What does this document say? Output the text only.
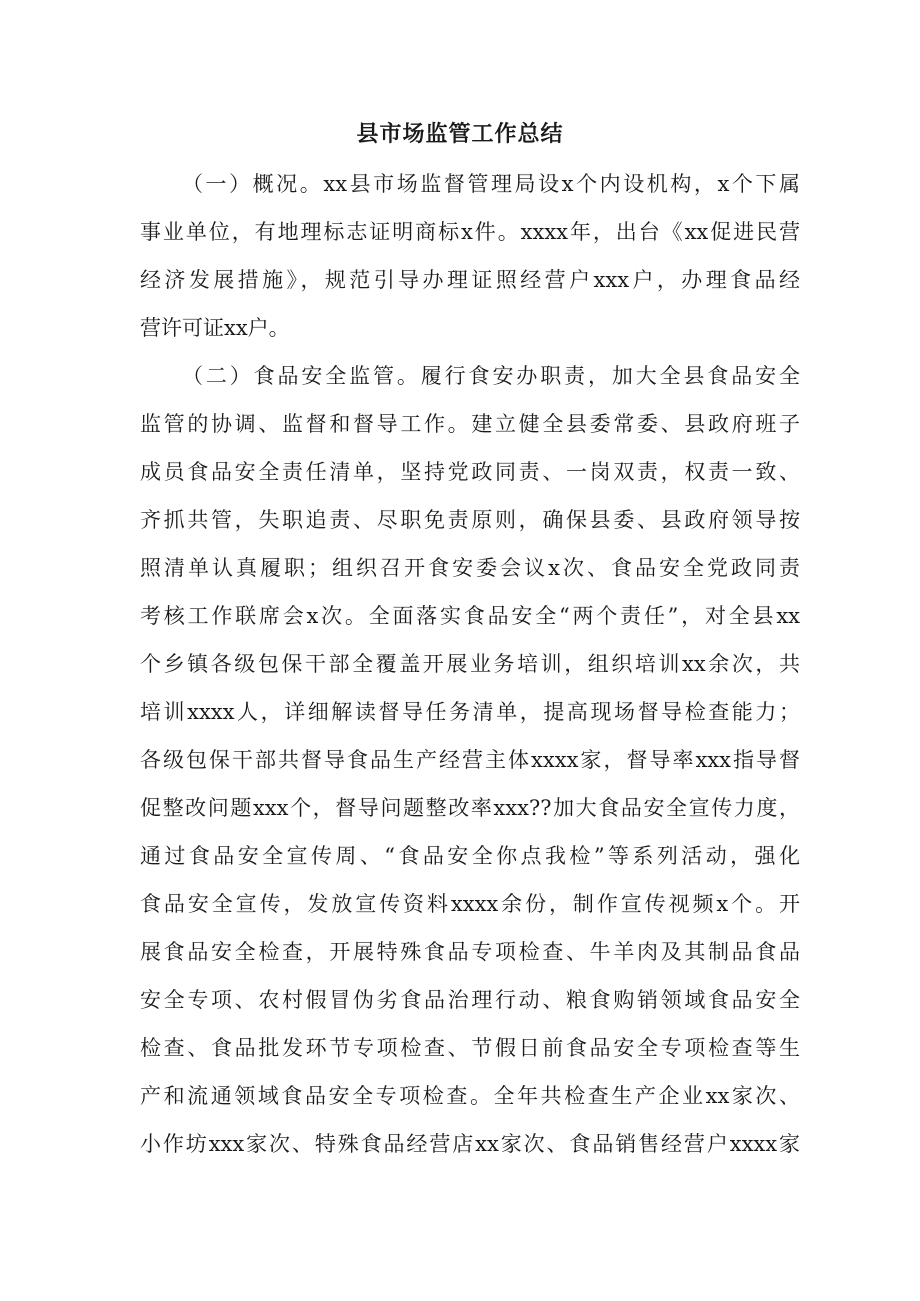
县市场监管工作总结
（一）概况。xx县市场监督管理局设x个内设机构，x个下属
事业单位，有地理标志证明商标x件。xxxx年，出台《xx促进民营
经济发展措施》，规范引导办理证照经营户xxx户，办理食品经
营许可证xx户。
（二）食品安全监管。履行食安办职责，加大全县食品安全
监管的协调、监督和督导工作。建立健全县委常委、县政府班子
成员食品安全责任清单，坚持党政同责、一岗双责，权责一致、
齐抓共管，失职追责、尽职免责原则，确保县委、县政府领导按
照清单认真履职；组织召开食安委会议x次、食品安全党政同责
考核工作联席会x次。全面落实食品安全“两个责任”，对全县xx
个乡镇各级包保干部全覆盖开展业务培训，组织培训xx余次，共
培训xxxx人，详细解读督导任务清单，提高现场督导检查能力；
各级包保干部共督导食品生产经营主体xxxx家，督导率xxx指导督
促整改问题xxx个，督导问题整改率xxx??加大食品安全宣传力度，
通过食品安全宣传周、“食品安全你点我检”等系列活动，强化
食品安全宣传，发放宣传资料xxxx余份，制作宣传视频x个。开
展食品安全检查，开展特殊食品专项检查、牛羊肉及其制品食品
安全专项、农村假冒伪劣食品治理行动、粮食购销领域食品安全
检查、食品批发环节专项检查、节假日前食品安全专项检查等生
产和流通领域食品安全专项检查。全年共检查生产企业xx家次、
小作坊xxx家次、特殊食品经营店xx家次、食品销售经营户xxxx家
